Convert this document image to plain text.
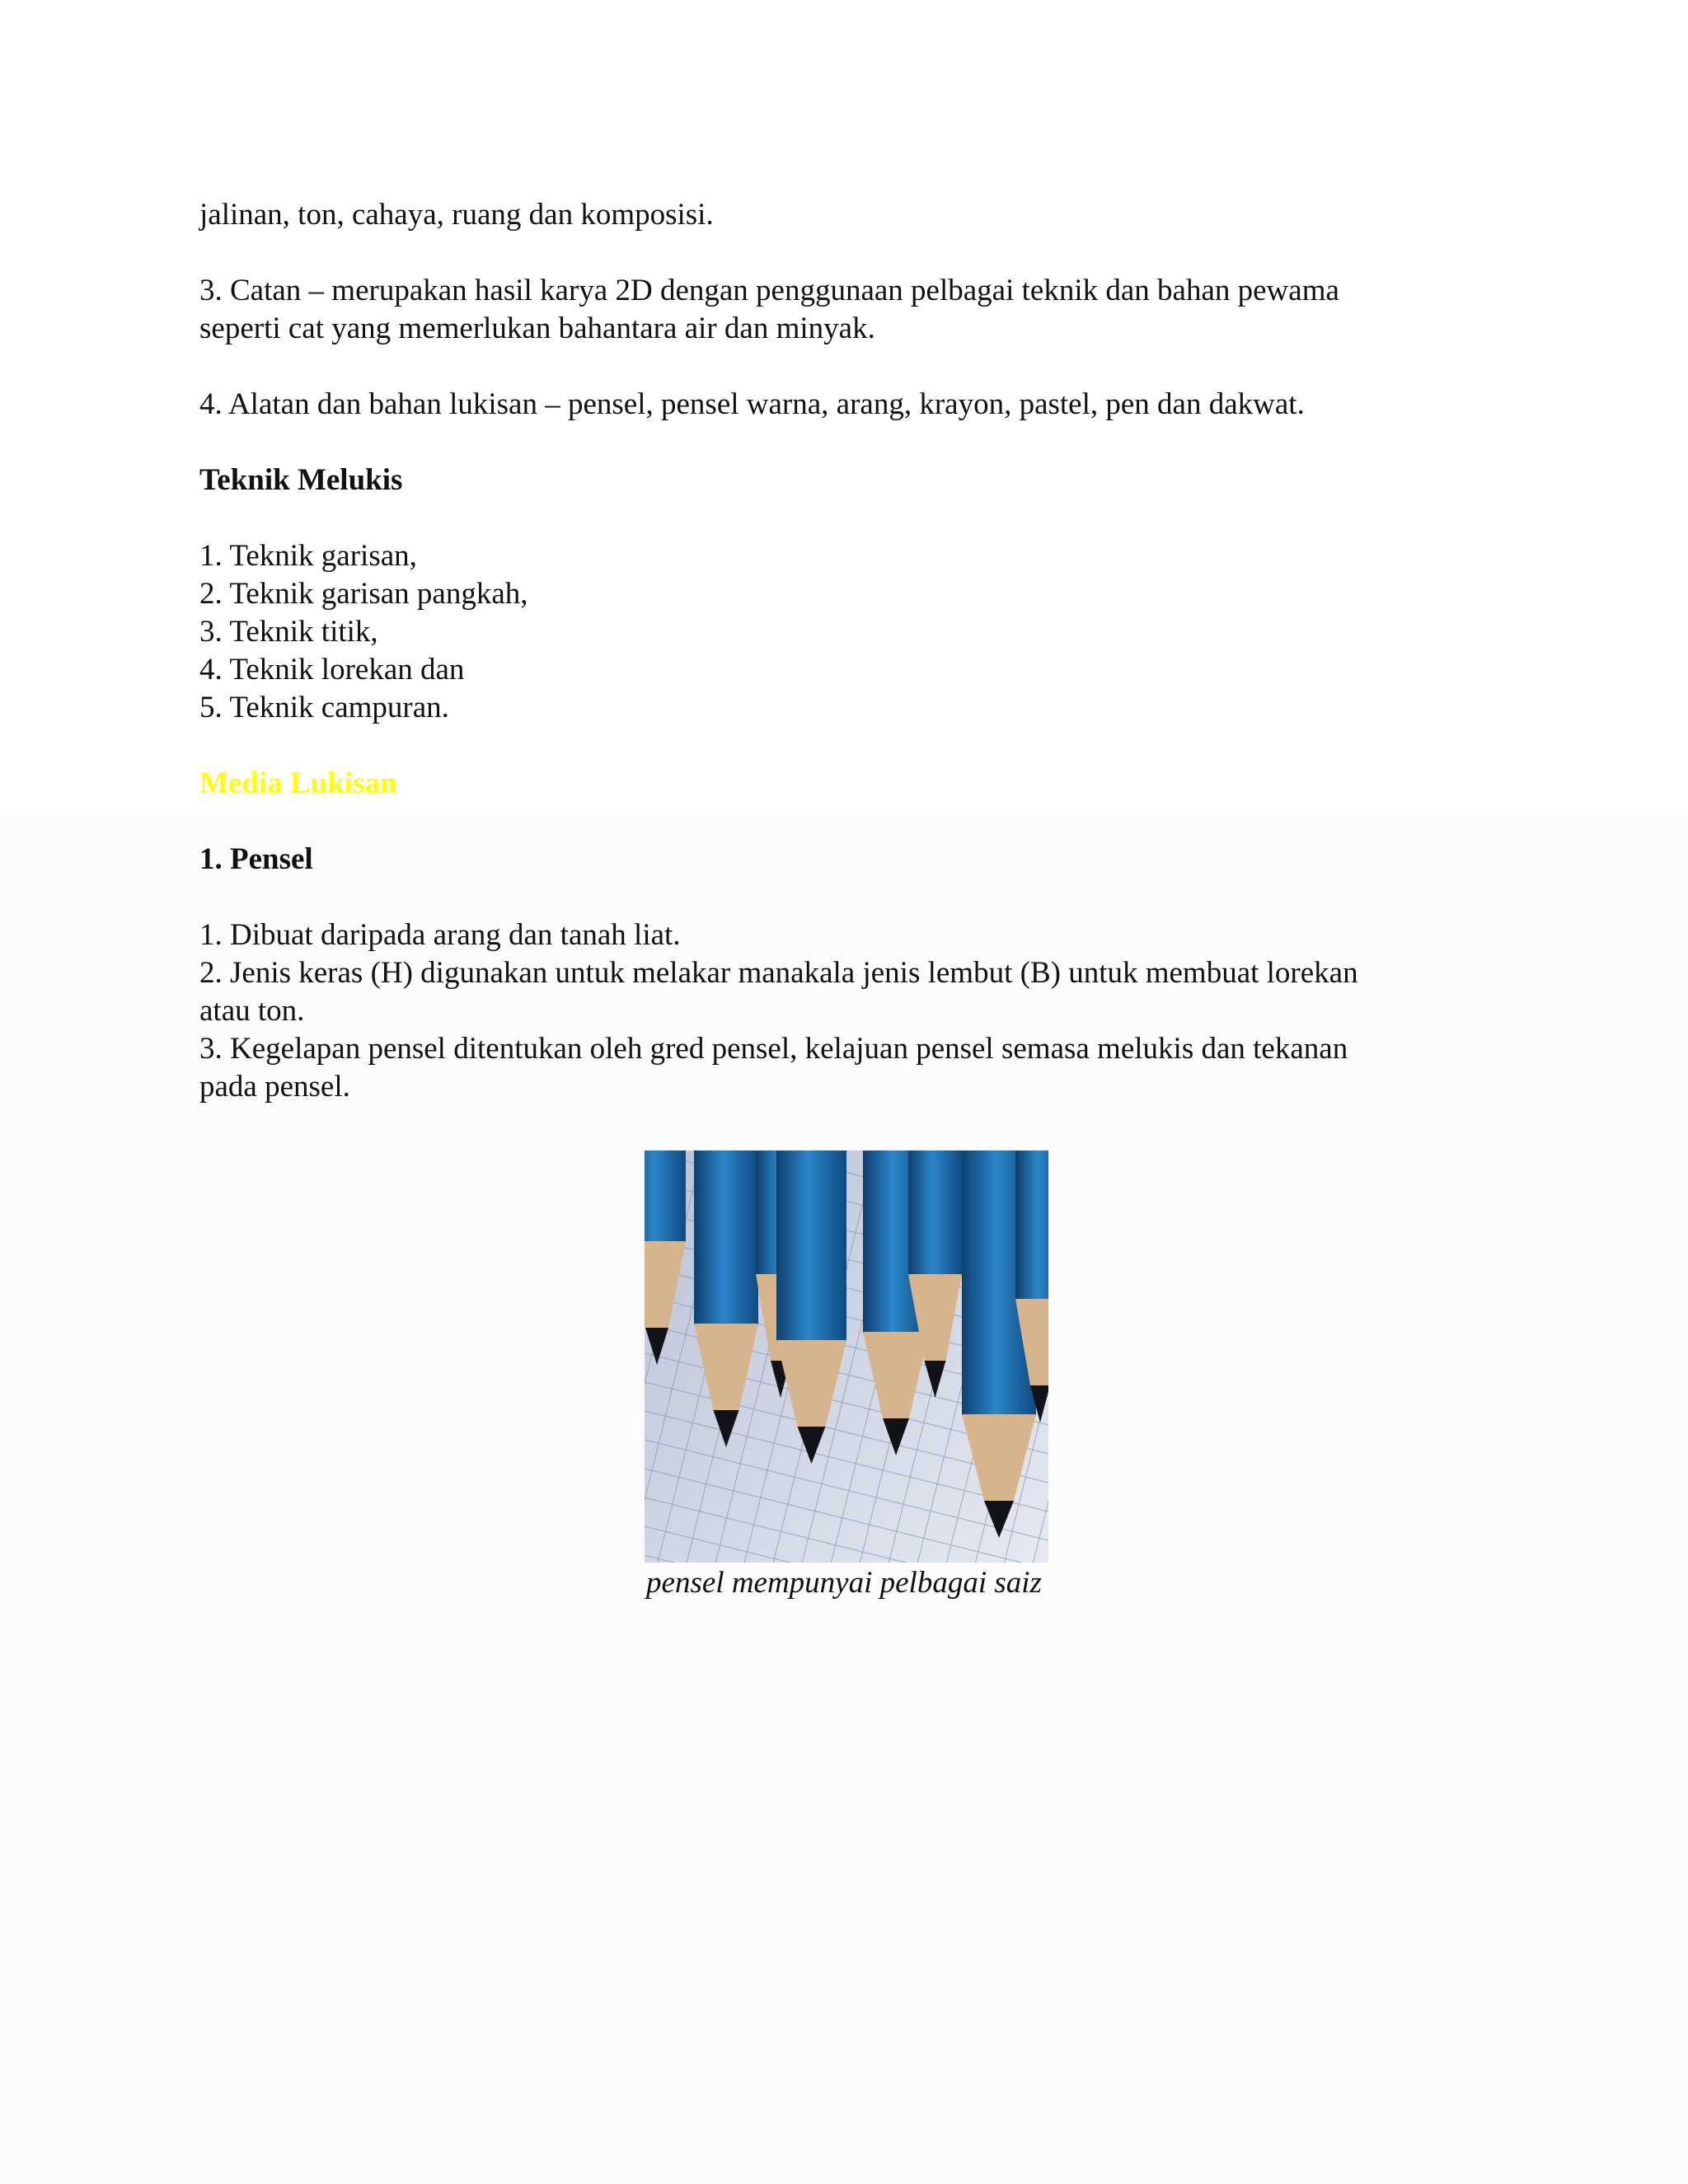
jalinan, ton, cahaya, ruang dan komposisi.

3. Catan – merupakan hasil karya 2D dengan penggunaan pelbagai teknik dan bahan pewama

seperti cat yang memerlukan bahantara air dan minyak.

4. Alatan dan bahan lukisan – pensel, pensel warna, arang, krayon, pastel, pen dan dakwat.

Teknik Melukis

1. Teknik garisan,

2. Teknik garisan pangkah,

3. Teknik titik,

4. Teknik lorekan dan

5. Teknik campuran.

Media Lukisan

1. Pensel

1. Dibuat daripada arang dan tanah liat.

2. Jenis keras (H) digunakan untuk melakar manakala jenis lembut (B) untuk membuat lorekan

atau ton.

3. Kegelapan pensel ditentukan oleh gred pensel, kelajuan pensel semasa melukis dan tekanan

pada pensel.

pensel mempunyai pelbagai saiz
